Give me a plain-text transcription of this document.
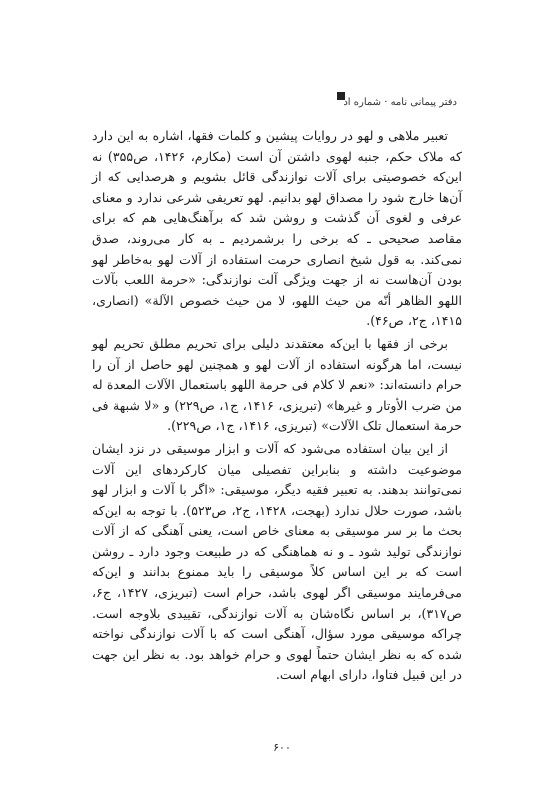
دفتر پیمانی نامه · شماره اد

تعبیر ملاهی و لهو در روایات پیشین و کلمات فقها، اشاره به این دارد که ملاک حکم، جنبه لهوی داشتن آن است (مکارم، ۱۴۲۶، ص۳۵۵) نه این‌که خصوصیتی برای آلات نوازندگی قائل بشویم و هرصدایی که از آن‌ها خارج شود را مصداق لهو بدانیم. لهو تعریفی شرعی ندارد و معنای عرفی و لغوی آن گذشت و روشن شد که برآهنگ‌هایی هم که برای مقاصد صحیحی ـ که برخی را برشمردیم ـ به کار می‌روند، صدق نمی‌کند. به قول شیخ انصاری حرمت استفاده از آلات لهو به‌خاطر لهو بودن آن‌هاست نه از جهت ویژگی آلت نوازندگی: «حرمة اللعب بآلات اللهو الظاهر أنّه من حیث اللهو، لا من حیث خصوص الآلة» (انصاری، ۱۴۱۵، ج۲، ص۴۶).

برخی از فقها با این‌که معتقدند دلیلی برای تحریم مطلق تحریم لهو نیست، اما هرگونه استفاده از آلات لهو و همچنین لهو حاصل از آن را حرام دانسته‌اند: «نعم لا کلام فی حرمة اللهو باستعمال الآلات المعدة له من ضرب الأوتار و غیرها» (تبریزی، ۱۴۱۶، ج۱، ص۲۲۹) و «لا شبهة فی حرمة استعمال تلک الآلات» (تبریزی، ۱۴۱۶، ج۱، ص۲۲۹).

از این بیان استفاده می‌شود که آلات و ابزار موسیقی در نزد ایشان موضوعیت داشته و بنابراین تفصیلی میان کارکردهای این آلات نمی‌توانند بدهند. به تعبیر فقیه دیگر، موسیقی: «اگر با آلات و ابزار لهو باشد، صورت حلال ندارد (بهجت، ۱۴۲۸، ج۲، ص۵۲۳). با توجه به این‌که بحث ما بر سر موسیقی به معنای خاص است، یعنی آهنگی که از آلات نوازندگی تولید شود ـ و نه هماهنگی که در طبیعت وجود دارد ـ روشن است که بر این اساس کلاً موسیقی را باید ممنوع بدانند و این‌که می‌فرمایند موسیقی اگر لهوی باشد، حرام است (تبریزی، ۱۴۲۷، ج۶، ص۳۱۷)، بر اساس نگاه‌شان به آلات نوازندگی، تقییدی بلاوجه است. چراکه موسیقی مورد سؤال، آهنگی است که با آلات نوازندگی نواخته شده که به نظر ایشان حتماً لهوی و حرام خواهد بود. به نظر این جهت در این قبیل فتاوا، دارای ابهام است.

۶۰۰
